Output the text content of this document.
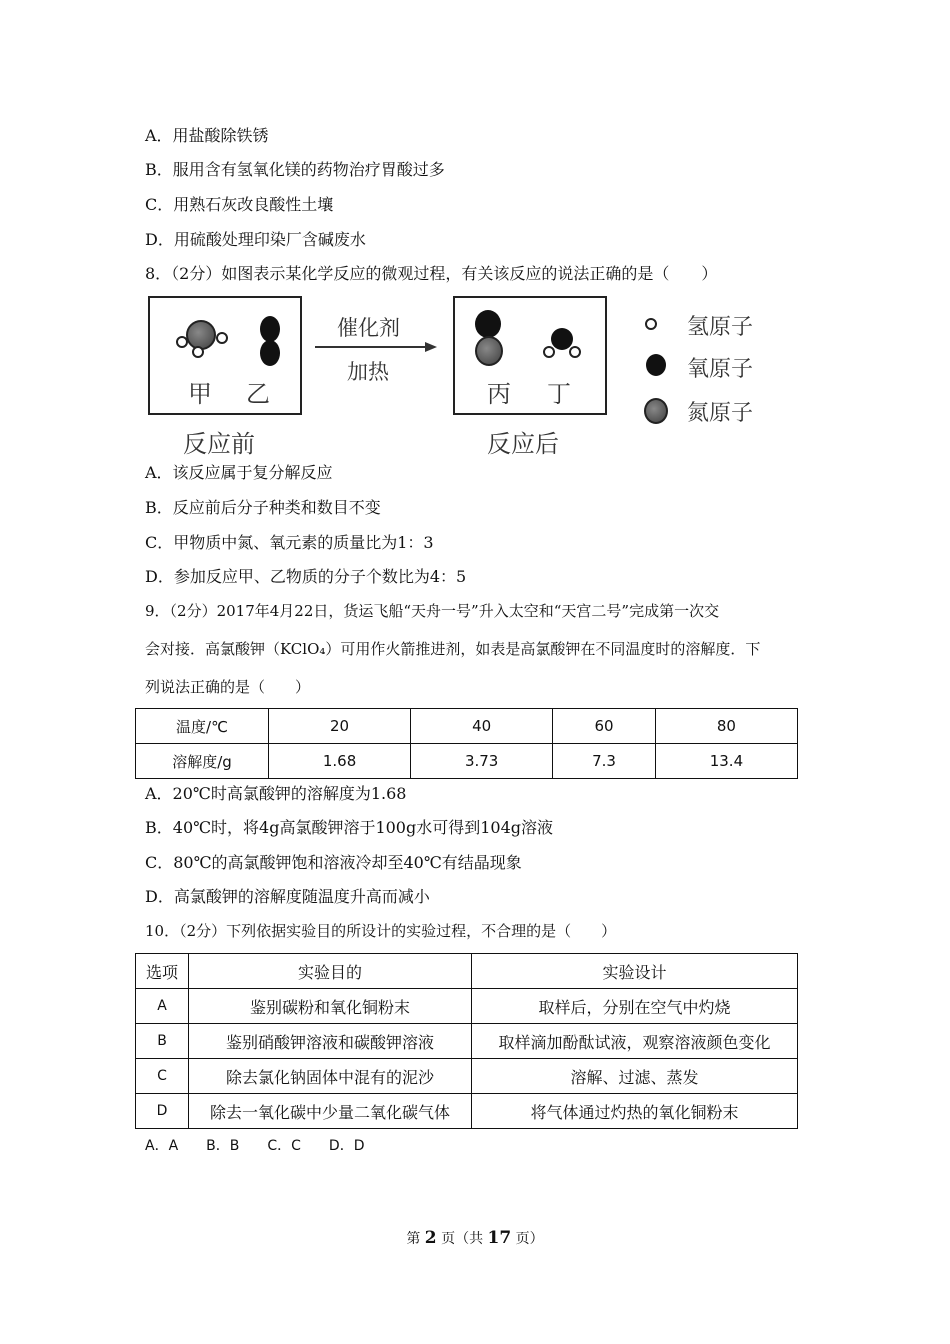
A．用盐酸除铁锈
B．服用含有氢氧化镁的药物治疗胃酸过多
C．用熟石灰改良酸性土壤
D．用硫酸处理印染厂含碱废水
8．（2分）如图表示某化学反应的微观过程，有关该反应的说法正确的是（　　）
甲 乙
反应前
催化剂
加热
丙 丁
反应后
氢原子
氧原子
氮原子
A．该反应属于复分解反应
B．反应前后分子种类和数目不变
C．甲物质中氮、氧元素的质量比为1：3
D．参加反应甲、乙物质的分子个数比为4：5
9．（2分）2017年4月22日，货运飞船“天舟一号”升入太空和“天宫二号”完成第一次交
会对接．高氯酸钾（KClO₄）可用作火箭推进剂，如表是高氯酸钾在不同温度时的溶解度．下
列说法正确的是（　　）
温度/℃	20	40	60	80
溶解度/g	1.68	3.73	7.3	13.4
A．20℃时高氯酸钾的溶解度为1.68
B．40℃时，将4g高氯酸钾溶于100g水可得到104g溶液
C．80℃的高氯酸钾饱和溶液冷却至40℃有结晶现象
D．高氯酸钾的溶解度随温度升高而减小
10．（2分）下列依据实验目的所设计的实验过程，不合理的是（　　）
选项	实验目的	实验设计
A	鉴别碳粉和氧化铜粉末	取样后，分别在空气中灼烧
B	鉴别硝酸钾溶液和碳酸钾溶液	取样滴加酚酞试液，观察溶液颜色变化
C	除去氯化钠固体中混有的泥沙	溶解、过滤、蒸发
D	除去一氧化碳中少量二氧化碳气体	将气体通过灼热的氧化铜粉末
A．A　　B．B　　C．C　　D．D
第 2 页（共 17 页）
